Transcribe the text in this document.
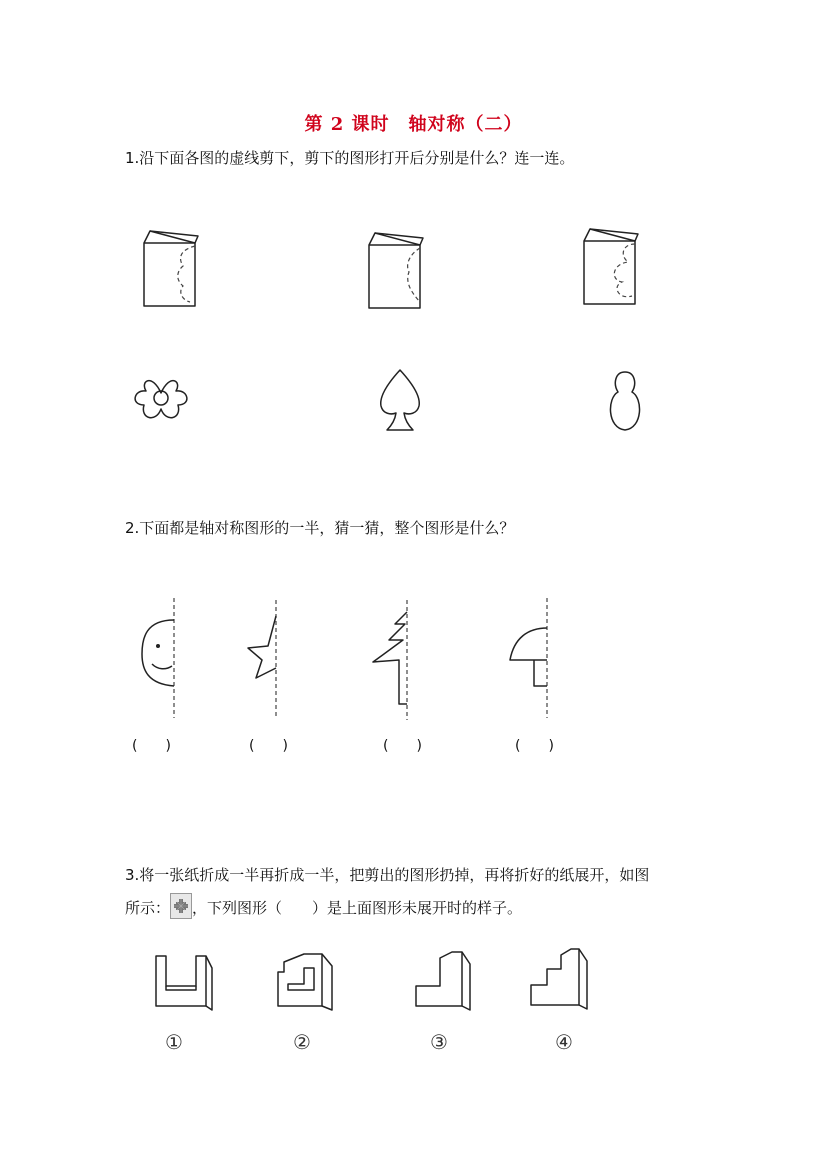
第 2 课时　轴对称（二）
1.沿下面各图的虚线剪下，剪下的图形打开后分别是什么？连一连。
2.下面都是轴对称图形的一半，猜一猜，整个图形是什么？
(　　)	(　　)	(　　)	(　　)
3.将一张纸折成一半再折成一半，把剪出的图形扔掉，再将折好的纸展开，如图
所示： ，下列图形（　　）是上面图形未展开时的样子。
①	②	③	④
